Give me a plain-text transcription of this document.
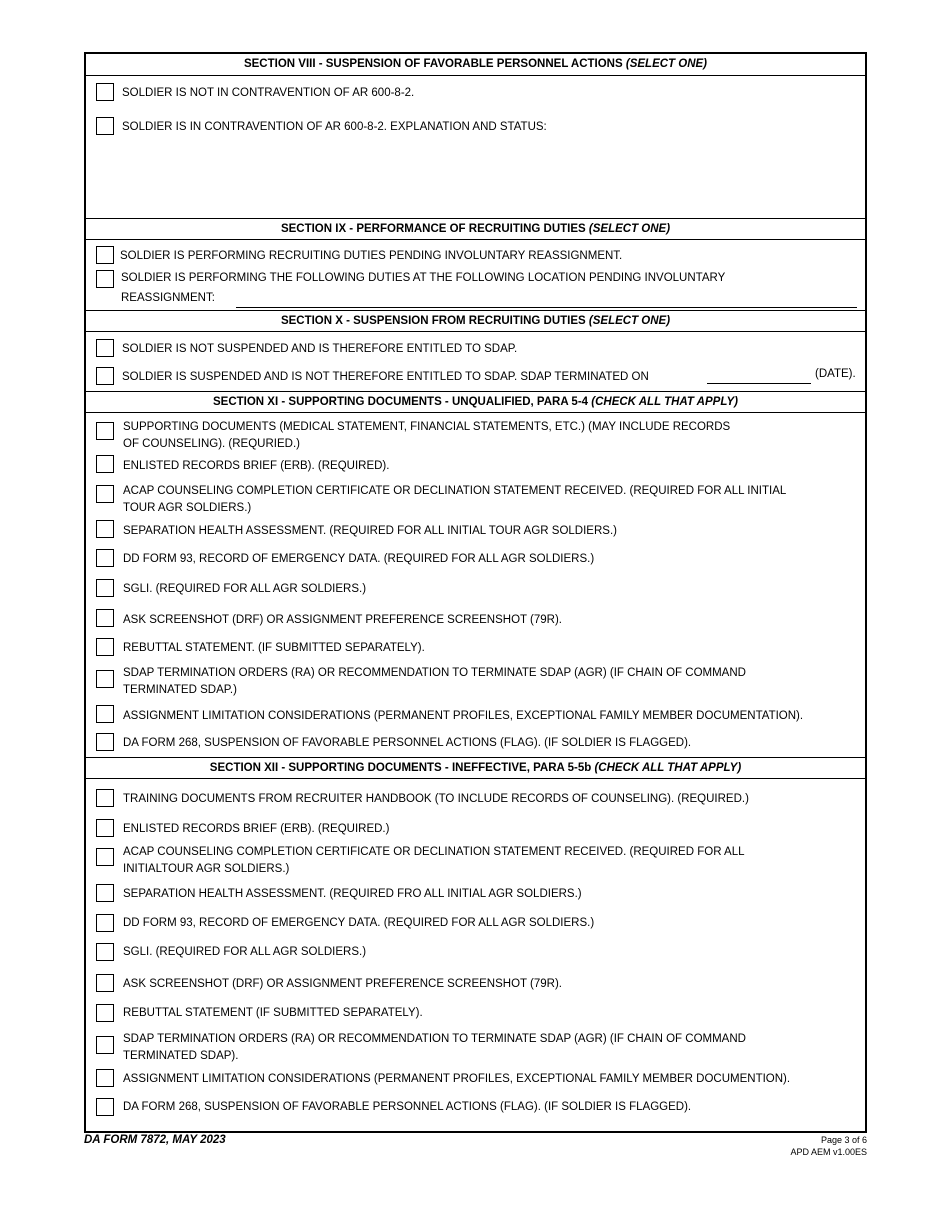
SECTION VIII - SUSPENSION OF FAVORABLE PERSONNEL ACTIONS (SELECT ONE)
SOLDIER IS NOT IN CONTRAVENTION OF AR 600-8-2.
SOLDIER IS IN CONTRAVENTION OF AR 600-8-2. EXPLANATION AND STATUS:
SECTION IX - PERFORMANCE OF RECRUITING DUTIES (SELECT ONE)
SOLDIER IS PERFORMING RECRUITING DUTIES PENDING INVOLUNTARY REASSIGNMENT.
SOLDIER IS PERFORMING THE FOLLOWING DUTIES AT THE FOLLOWING LOCATION PENDING INVOLUNTARY
REASSIGNMENT:
SECTION X - SUSPENSION FROM RECRUITING DUTIES (SELECT ONE)
SOLDIER IS NOT SUSPENDED AND IS THEREFORE ENTITLED TO SDAP.
SOLDIER IS SUSPENDED AND IS NOT THEREFORE ENTITLED TO SDAP. SDAP TERMINATED ON	(DATE).
SECTION XI - SUPPORTING DOCUMENTS - UNQUALIFIED, PARA 5-4 (CHECK ALL THAT APPLY)
SECTION XII - SUPPORTING DOCUMENTS - INEFFECTIVE, PARA 5-5b (CHECK ALL THAT APPLY)
SUPPORTING DOCUMENTS (MEDICAL STATEMENT, FINANCIAL STATEMENTS, ETC.) (MAY INCLUDE RECORDS
OF COUNSELING). (REQURIED.)
ENLISTED RECORDS BRIEF (ERB). (REQUIRED).
ACAP COUNSELING COMPLETION CERTIFICATE OR DECLINATION STATEMENT RECEIVED. (REQUIRED FOR ALL INITIAL
TOUR AGR SOLDIERS.)
SEPARATION HEALTH ASSESSMENT. (REQUIRED FOR ALL INITIAL TOUR AGR SOLDIERS.)
DD FORM 93, RECORD OF EMERGENCY DATA. (REQUIRED FOR ALL AGR SOLDIERS.)
SGLI. (REQUIRED FOR ALL AGR SOLDIERS.)
ASK SCREENSHOT (DRF) OR ASSIGNMENT PREFERENCE SCREENSHOT (79R).
REBUTTAL STATEMENT. (IF SUBMITTED SEPARATELY).
SDAP TERMINATION ORDERS (RA) OR RECOMMENDATION TO TERMINATE SDAP (AGR) (IF CHAIN OF COMMAND
TERMINATED SDAP.)
ASSIGNMENT LIMITATION CONSIDERATIONS (PERMANENT PROFILES, EXCEPTIONAL FAMILY MEMBER DOCUMENTATION).
DA FORM 268, SUSPENSION OF FAVORABLE PERSONNEL ACTIONS (FLAG). (IF SOLDIER IS FLAGGED).
TRAINING DOCUMENTS FROM RECRUITER HANDBOOK (TO INCLUDE RECORDS OF COUNSELING). (REQUIRED.)
ENLISTED RECORDS BRIEF (ERB). (REQUIRED.)
ACAP COUNSELING COMPLETION CERTIFICATE OR DECLINATION STATEMENT RECEIVED. (REQUIRED FOR ALL
INITIALTOUR AGR SOLDIERS.)
SEPARATION HEALTH ASSESSMENT. (REQUIRED FRO ALL INITIAL AGR SOLDIERS.)
DD FORM 93, RECORD OF EMERGENCY DATA. (REQUIRED FOR ALL AGR SOLDIERS.)
SGLI. (REQUIRED FOR ALL AGR SOLDIERS.)
ASK SCREENSHOT (DRF) OR ASSIGNMENT PREFERENCE SCREENSHOT (79R).
REBUTTAL STATEMENT (IF SUBMITTED SEPARATELY).
SDAP TERMINATION ORDERS (RA) OR RECOMMENDATION TO TERMINATE SDAP (AGR) (IF CHAIN OF COMMAND
TERMINATED SDAP).
ASSIGNMENT LIMITATION CONSIDERATIONS (PERMANENT PROFILES, EXCEPTIONAL FAMILY MEMBER DOCUMENTION).
DA FORM 268, SUSPENSION OF FAVORABLE PERSONNEL ACTIONS (FLAG). (IF SOLDIER IS FLAGGED).
DA FORM 7872, MAY 2023	Page 3 of 6
APD AEM v1.00ES
